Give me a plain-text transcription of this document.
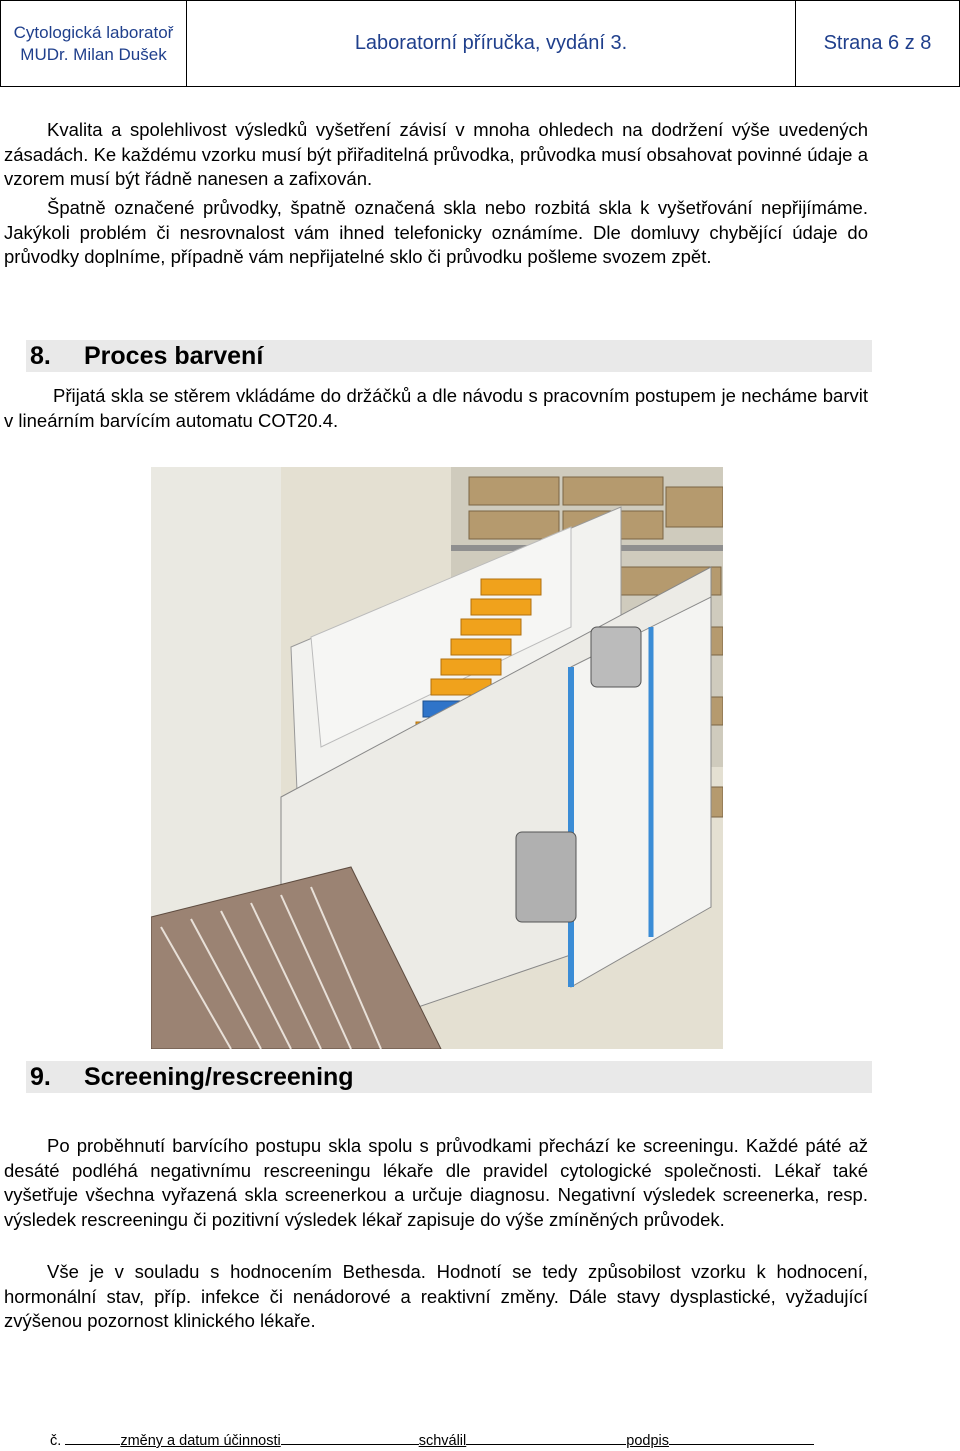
Cytologická laboratoř
MUDr. Milan Dušek	Laboratorní příručka, vydání 3.	Strana 6 z 8
Kvalita a spolehlivost výsledků vyšetření závisí v mnoha ohledech na dodržení výše uvedených zásadách. Ke každému vzorku musí být přiřaditelná průvodka, průvodka musí obsahovat povinné údaje a vzorem musí být řádně nanesen a zafixován.
Špatně označené průvodky, špatně označená skla nebo rozbitá skla k vyšetřování nepřijímáme. Jakýkoli problém či nesrovnalost vám ihned telefonicky oznámíme. Dle domluvy chybějící údaje do průvodky doplníme, případně vám nepřijatelné sklo či průvodku pošleme svozem zpět.
8.	Proces barvení
Přijatá skla se stěrem vkládáme do držáčků a dle návodu s pracovním postupem je necháme barvit v lineárním barvícím automatu COT20.4.
9.	Screening/rescreening
Po proběhnutí barvícího postupu skla spolu s průvodkami přechází ke screeningu. Každé páté až desáté podléhá negativnímu rescreeningu lékaře dle pravidel cytologické společnosti. Lékař také vyšetřuje všechna vyřazená skla screenerkou a určuje diagnosu. Negativní výsledek screenerka, resp. výsledek rescreeningu či pozitivní výsledek lékař zapisuje do výše zmíněných průvodek.
Vše je v souladu s hodnocením Bethesda. Hodnotí se tedy způsobilost vzorku k hodnocení, hormonální stav, příp. infekce či nenádorové a reaktivní změny. Dále stavy dysplastické, vyžadující zvýšenou pozornost klinického lékaře.
č.	změny a datum účinnosti	schválil	podpis
